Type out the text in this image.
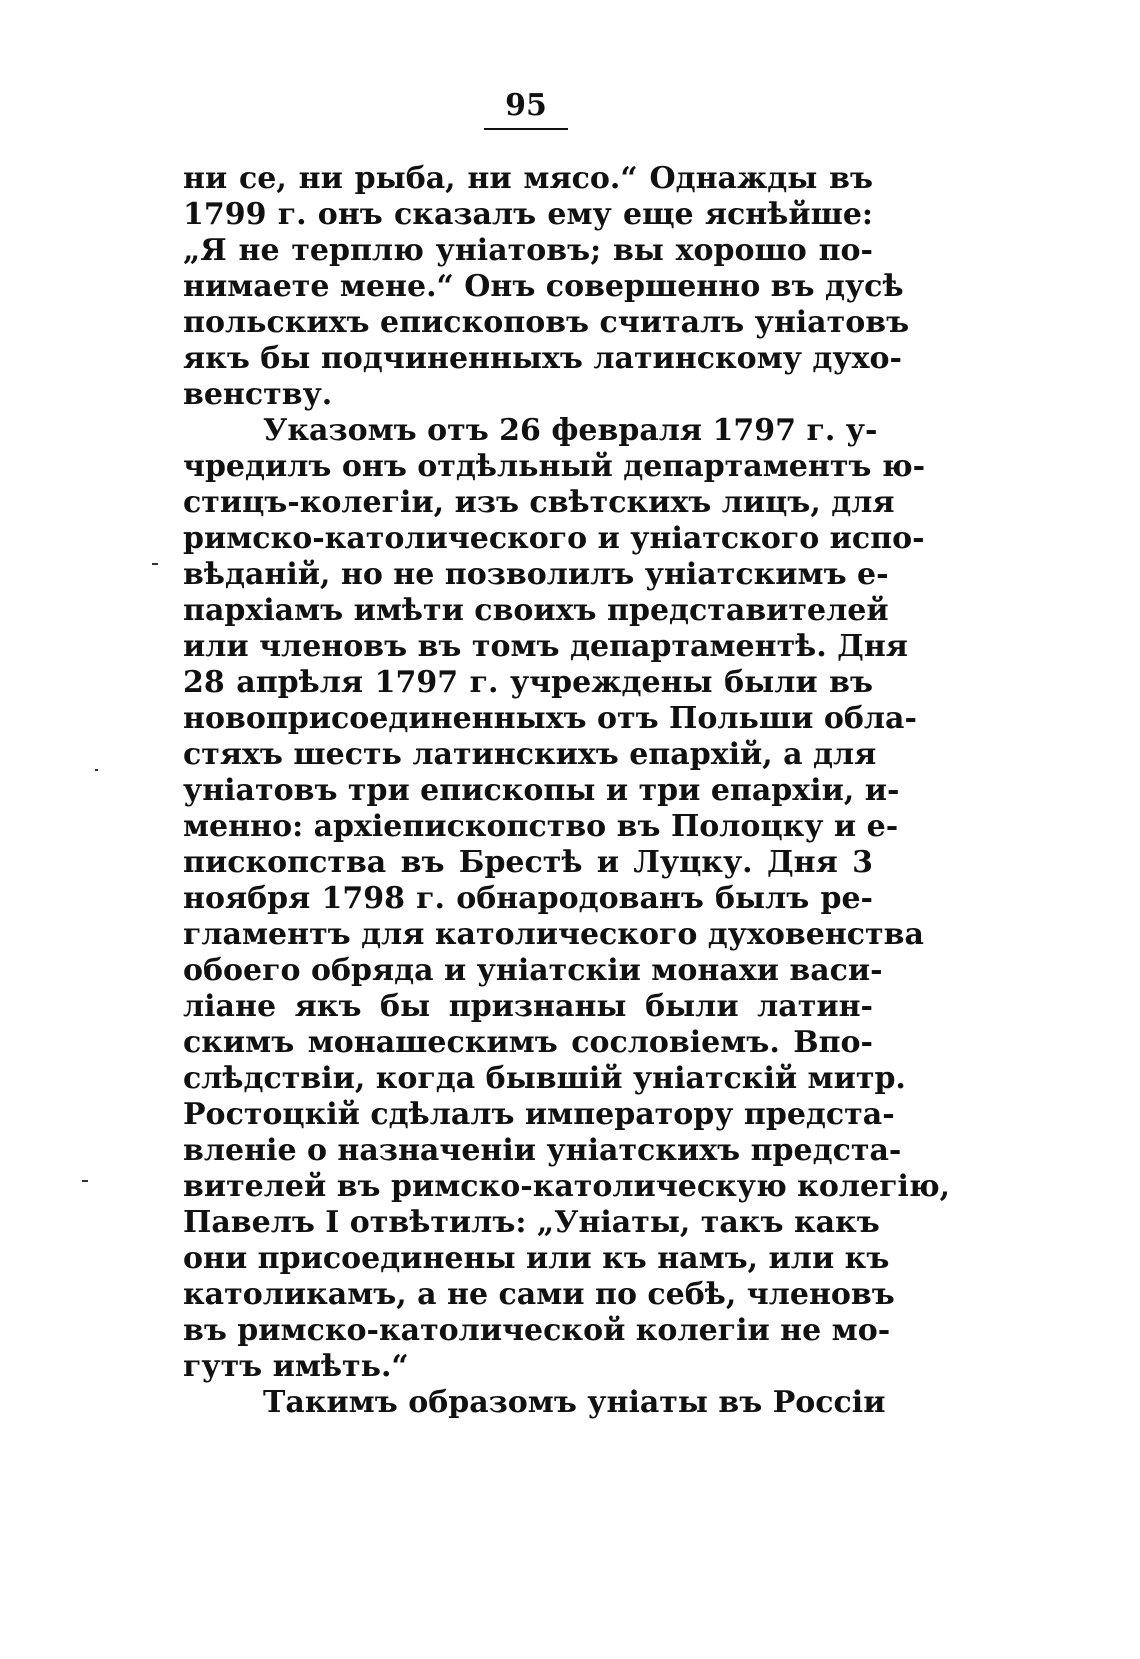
95
ни се, ни рыба, ни мясо.“ Однажды въ
1799 г. онъ сказалъ ему еще яснѣйше:
„Я не терплю уніатовъ; вы хорошо по-
нимаете мене.“ Онъ совершенно въ дусѣ
польскихъ епископовъ считалъ уніатовъ
якъ бы подчиненныхъ латинскому духо-
венству.
Указомъ отъ 26 февраля 1797 г. у-
чредилъ онъ отдѣльный департаментъ ю-
стицъ-колегіи, изъ свѣтскихъ лицъ, для
римско-католического и уніатского испо-
вѣданій, но не позволилъ уніатскимъ е-
пархіамъ имѣти своихъ представителей
или членовъ въ томъ департаментѣ. Дня
28 апрѣля 1797 г. учреждены были въ
новоприсоединенныхъ отъ Польши обла-
стяхъ шесть латинскихъ епархій, а для
уніатовъ три епископы и три епархіи, и-
менно: архіепископство въ Полоцку и е-
пископства въ Брестѣ и Луцку. Дня 3
ноября 1798 г. обнародованъ былъ ре-
гламентъ для католического духовенства
обоего обряда и уніатскіи монахи васи-
ліане якъ бы признаны были латин-
скимъ монашескимъ сословіемъ. Впо-
слѣдствіи, когда бывшій уніатскій митр.
Ростоцкій сдѣлалъ императору предста-
вленіе о назначеніи уніатскихъ предста-
вителей въ римско-католическую колегію,
Павелъ I отвѣтилъ: „Уніаты, такъ какъ
они присоединены или къ намъ, или къ
католикамъ, а не сами по себѣ, членовъ
въ римско-католической колегіи не мо-
гутъ имѣть.“
Такимъ образомъ уніаты въ Россіи
